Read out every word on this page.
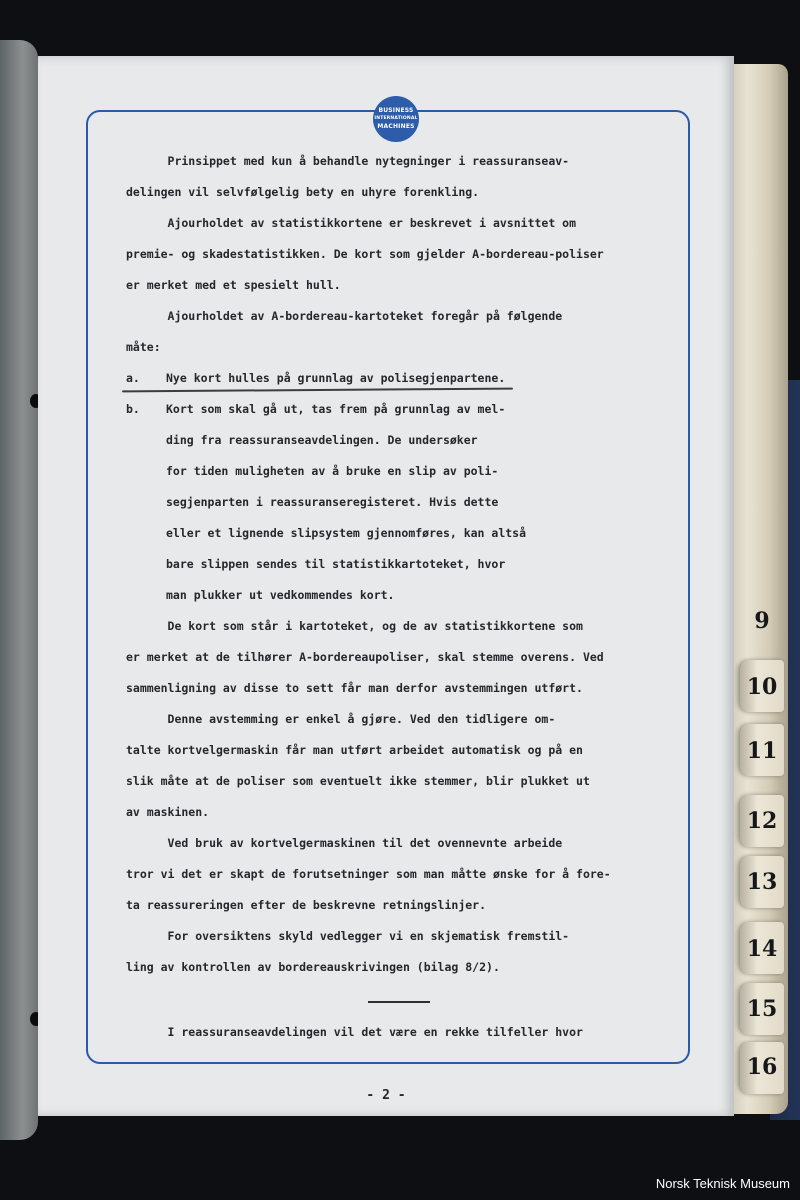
BUSINESS
INTERNATIONAL
MACHINES
Prinsippet med kun å behandle nytegninger i reassuranseav-
delingen vil selvfølgelig bety en uhyre forenkling.
Ajourholdet av statistikkortene er beskrevet i avsnittet om
premie- og skadestatistikken. De kort som gjelder A-bordereau-poliser
er merket med et spesielt hull.
Ajourholdet av A-bordereau-kartoteket foregår på følgende
måte:
a.	Nye kort hulles på grunnlag av polisegjenpartene.
b.	Kort som skal gå ut, tas frem på grunnlag av mel-
ding fra reassuranseavdelingen. De undersøker
for tiden muligheten av å bruke en slip av poli-
segjenparten i reassuranseregisteret. Hvis dette
eller et lignende slipsystem gjennomføres, kan altså
bare slippen sendes til statistikkartoteket, hvor
man plukker ut vedkommendes kort.
De kort som står i kartoteket, og de av statistikkortene som
er merket at de tilhører A-bordereaupoliser, skal stemme overens. Ved
sammenligning av disse to sett får man derfor avstemmingen utført.
Denne avstemming er enkel å gjøre. Ved den tidligere om-
talte kortvelgermaskin får man utført arbeidet automatisk og på en
slik måte at de poliser som eventuelt ikke stemmer, blir plukket ut
av maskinen.
Ved bruk av kortvelgermaskinen til det ovennevnte arbeide
tror vi det er skapt de forutsetninger som man måtte ønske for å fore-
ta reassureringen efter de beskrevne retningslinjer.
For oversiktens skyld vedlegger vi en skjematisk fremstil-
ling av kontrollen av bordereauskrivingen (bilag 8/2).
I reassuranseavdelingen vil det være en rekke tilfeller hvor
- 2 -
9
10
11
12
13
14
15
16
Norsk Teknisk Museum
